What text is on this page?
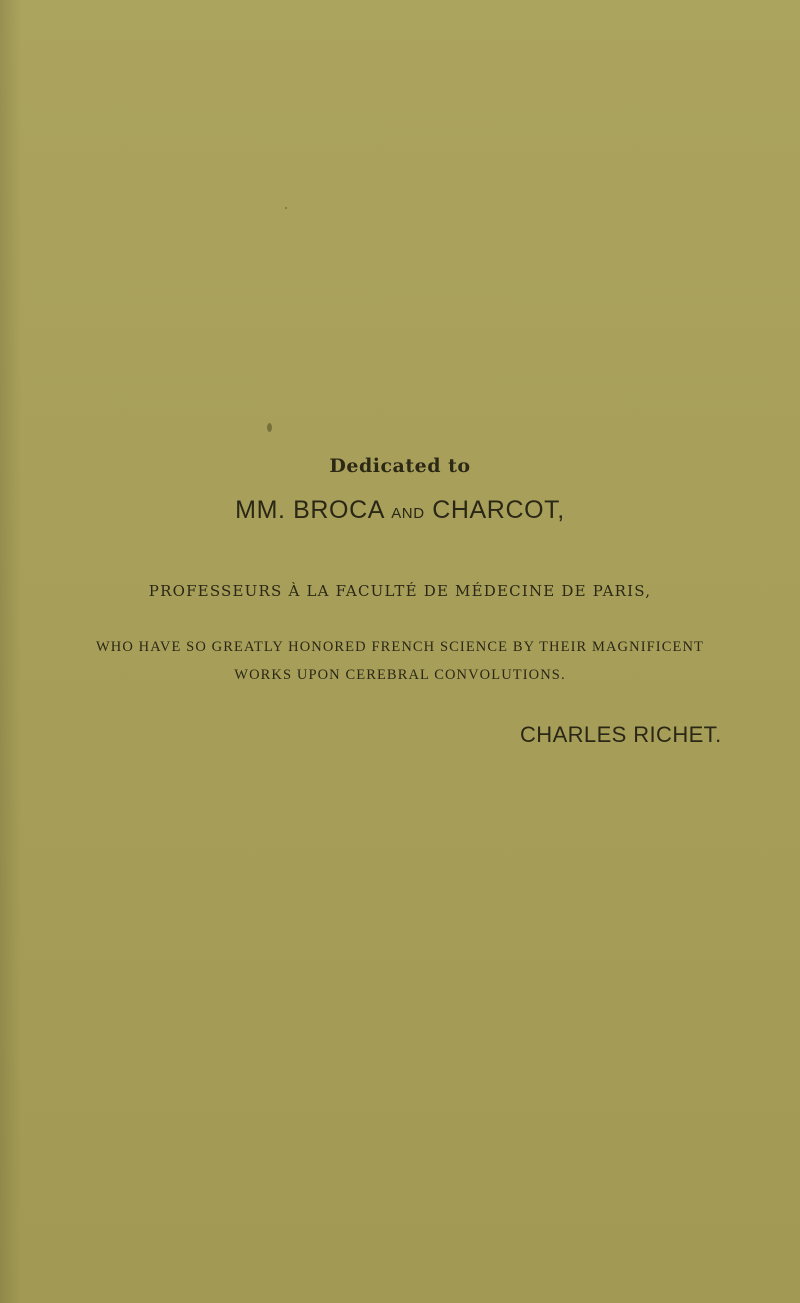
Dedicated to
MM. BROCA AND CHARCOT,
PROFESSEURS À LA FACULTÉ DE MÉDECINE DE PARIS,
WHO HAVE SO GREATLY HONORED FRENCH SCIENCE BY THEIR MAGNIFICENT
WORKS UPON CEREBRAL CONVOLUTIONS.
CHARLES RICHET.
